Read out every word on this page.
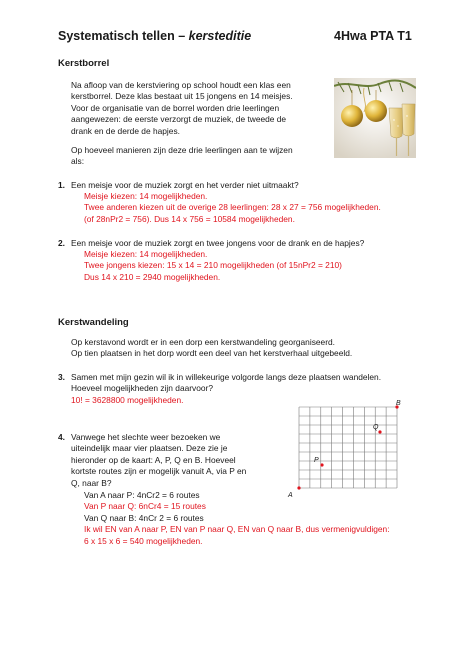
Systematisch tellen – kersteditie	4Hwa PTA T1
Kerstborrel
Na afloop van de kerstviering op school houdt een klas een
kerstborrel. Deze klas bestaat uit 15 jongens en 14 meisjes.
Voor de organisatie van de borrel worden drie leerlingen
aangewezen: de eerste verzorgt de muziek, de tweede de
drank en de derde de hapjes.
Op hoeveel manieren zijn deze drie leerlingen aan te wijzen
als:
1. Een meisje voor de muziek zorgt en het verder niet uitmaakt?
Meisje kiezen: 14 mogelijkheden.
Twee anderen kiezen uit de overige 28 leerlingen: 28 x 27 = 756 mogelijkheden.
(of 28nPr2 = 756). Dus 14 x 756 = 10584 mogelijkheden.
2. Een meisje voor de muziek zorgt en twee jongens voor de drank en de hapjes?
Meisje kiezen: 14 mogelijkheden.
Twee jongens kiezen: 15 x 14 = 210 mogelijkheden (of 15nPr2 = 210)
Dus 14 x 210 = 2940 mogelijkheden.
Kerstwandeling
Op kerstavond wordt er in een dorp een kerstwandeling georganiseerd.
Op tien plaatsen in het dorp wordt een deel van het kerstverhaal uitgebeeld.
3. Samen met mijn gezin wil ik in willekeurige volgorde langs deze plaatsen wandelen.
Hoeveel mogelijkheden zijn daarvoor?
10! = 3628800 mogelijkheden.
4. Vanwege het slechte weer bezoeken we
uiteindelijk maar vier plaatsen. Deze zie je
hieronder op de kaart: A, P, Q en B. Hoeveel
kortste routes zijn er mogelijk vanuit A, via P en
Q, naar B?
Van A naar P: 4nCr2 = 6 routes
Van P naar Q: 6nCr4 = 15 routes
Van Q naar B: 4nCr 2 = 6 routes
Ik wil EN van A naar P, EN van P naar Q, EN van Q naar B, dus vermenigvuldigen:
6 x 15 x 6 = 540 mogelijkheden.
A
P
Q
B
